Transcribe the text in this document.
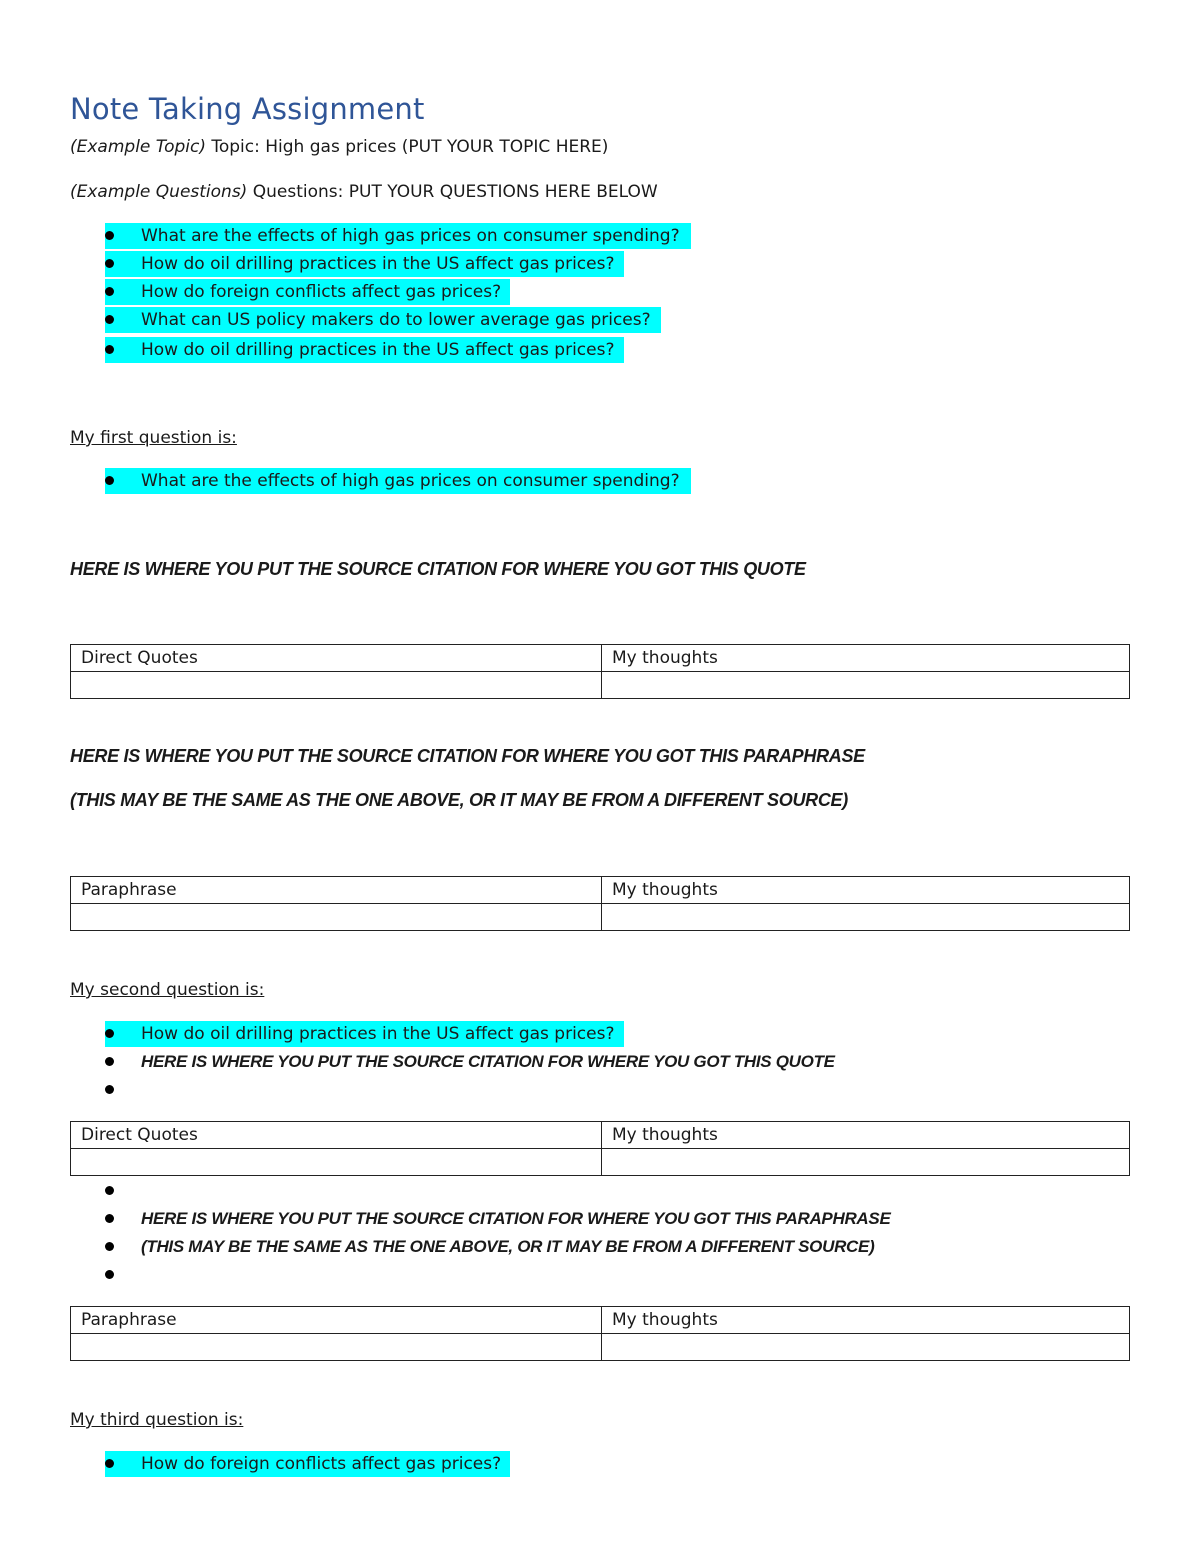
Note Taking Assignment
(Example Topic) Topic: High gas prices (PUT YOUR TOPIC HERE)
(Example Questions) Questions: PUT YOUR QUESTIONS HERE BELOW
What are the effects of high gas prices on consumer spending?
How do oil drilling practices in the US affect gas prices?
How do foreign conflicts affect gas prices?
What can US policy makers do to lower average gas prices?
How do oil drilling practices in the US affect gas prices?
My first question is:
What are the effects of high gas prices on consumer spending?
HERE IS WHERE YOU PUT THE SOURCE CITATION FOR WHERE YOU GOT THIS QUOTE
Direct Quotes	My thoughts

HERE IS WHERE YOU PUT THE SOURCE CITATION FOR WHERE YOU GOT THIS PARAPHRASE
(THIS MAY BE THE SAME AS THE ONE ABOVE, OR IT MAY BE FROM A DIFFERENT SOURCE)
Paraphrase	My thoughts

My second question is:
How do oil drilling practices in the US affect gas prices?
HERE IS WHERE YOU PUT THE SOURCE CITATION FOR WHERE YOU GOT THIS QUOTE
Direct Quotes	My thoughts

HERE IS WHERE YOU PUT THE SOURCE CITATION FOR WHERE YOU GOT THIS PARAPHRASE
(THIS MAY BE THE SAME AS THE ONE ABOVE, OR IT MAY BE FROM A DIFFERENT SOURCE)
Paraphrase	My thoughts

My third question is:
How do foreign conflicts affect gas prices?
